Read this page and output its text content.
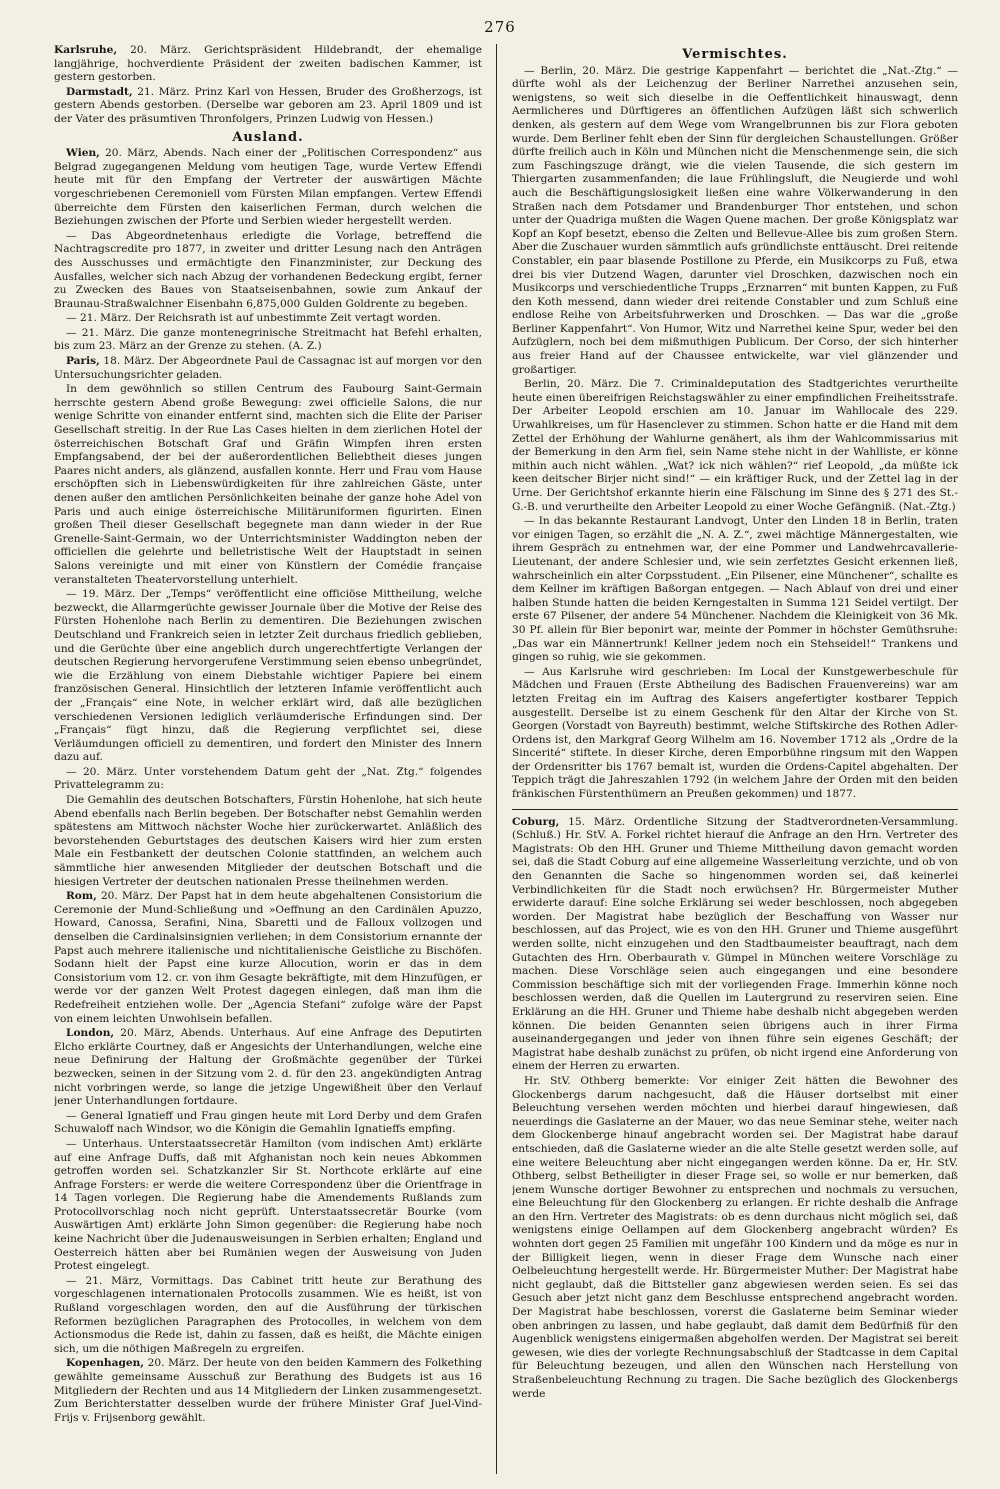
276

Karlsruhe, 20. März. Gerichtspräsident Hildebrandt, der ehemalige langjährige, hochverdiente Präsident der zweiten badischen Kammer, ist gestern gestorben.

Darmstadt, 21. März. Prinz Karl von Hessen, Bruder des Großherzogs, ist gestern Abends gestorben. (Derselbe war geboren am 23. April 1809 und ist der Vater des präsumtiven Thronfolgers, Prinzen Ludwig von Hessen.)

Ausland.

Wien, 20. März, Abends. Nach einer der „Politischen Correspondenz“ aus Belgrad zugegangenen Meldung vom heutigen Tage, wurde Vertew Effendi heute mit für den Empfang der Vertreter der auswärtigen Mächte vorgeschriebenen Ceremoniell vom Fürsten Milan empfangen. Vertew Effendi überreichte dem Fürsten den kaiserlichen Ferman, durch welchen die Beziehungen zwischen der Pforte und Serbien wieder hergestellt werden.

— Das Abgeordnetenhaus erledigte die Vorlage, betreffend die Nachtragscredite pro 1877, in zweiter und dritter Lesung nach den Anträgen des Ausschusses und ermächtigte den Finanzminister, zur Deckung des Ausfalles, welcher sich nach Abzug der vorhandenen Bedeckung ergibt, ferner zu Zwecken des Baues von Staatseisenbahnen, sowie zum Ankauf der Braunau-Straßwalchner Eisenbahn 6,875,000 Gulden Goldrente zu begeben.

— 21. März. Der Reichsrath ist auf unbestimmte Zeit vertagt worden.

— 21. März. Die ganze montenegrinische Streitmacht hat Befehl erhalten, bis zum 23. März an der Grenze zu stehen. (A. Z.)

Paris, 18. März. Der Abgeordnete Paul de Cassagnac ist auf morgen vor den Untersuchungsrichter geladen.

In dem gewöhnlich so stillen Centrum des Faubourg Saint-Germain herrschte gestern Abend große Bewegung: zwei officielle Salons, die nur wenige Schritte von einander entfernt sind, machten sich die Elite der Pariser Gesellschaft streitig. In der Rue Las Cases hielten in dem zierlichen Hotel der österreichischen Botschaft Graf und Gräfin Wimpfen ihren ersten Empfangsabend, der bei der außerordentlichen Beliebtheit dieses jungen Paares nicht anders, als glänzend, ausfallen konnte. Herr und Frau vom Hause erschöpften sich in Liebenswürdigkeiten für ihre zahlreichen Gäste, unter denen außer den amtlichen Persönlichkeiten beinahe der ganze hohe Adel von Paris und auch einige österreichische Militäruniformen figurirten. Einen großen Theil dieser Gesellschaft begegnete man dann wieder in der Rue Grenelle-Saint-Germain, wo der Unterrichtsminister Waddington neben der officiellen die gelehrte und belletristische Welt der Hauptstadt in seinen Salons vereinigte und mit einer von Künstlern der Comédie française veranstalteten Theatervorstellung unterhielt.

— 19. März. Der „Temps“ veröffentlicht eine officiöse Mittheilung, welche bezweckt, die Allarmgerüchte gewisser Journale über die Motive der Reise des Fürsten Hohenlohe nach Berlin zu dementiren. Die Beziehungen zwischen Deutschland und Frankreich seien in letzter Zeit durchaus friedlich geblieben, und die Gerüchte über eine angeblich durch ungerechtfertigte Verlangen der deutschen Regierung hervorgerufene Verstimmung seien ebenso unbegründet, wie die Erzählung von einem Diebstahle wichtiger Papiere bei einem französischen General. Hinsichtlich der letzteren Infamie veröffentlicht auch der „Français“ eine Note, in welcher erklärt wird, daß alle bezüglichen verschiedenen Versionen lediglich verläumderische Erfindungen sind. Der „Français“ fügt hinzu, daß die Regierung verpflichtet sei, diese Verläumdungen officiell zu dementiren, und fordert den Minister des Innern dazu auf.

— 20. März. Unter vorstehendem Datum geht der „Nat. Ztg.“ folgendes Privattelegramm zu:

Die Gemahlin des deutschen Botschafters, Fürstin Hohenlohe, hat sich heute Abend ebenfalls nach Berlin begeben. Der Botschafter nebst Gemahlin werden spätestens am Mittwoch nächster Woche hier zurückerwartet. Anläßlich des bevorstehenden Geburtstages des deutschen Kaisers wird hier zum ersten Male ein Festbankett der deutschen Colonie stattfinden, an welchem auch sämmtliche hier anwesenden Mitglieder der deutschen Botschaft und die hiesigen Vertreter der deutschen nationalen Presse theilnehmen werden.

Rom, 20. März. Der Papst hat in dem heute abgehaltenen Consistorium die Ceremonie der Mund-Schließung und »Oeffnung an den Cardinälen Apuzzo, Howard, Canossa, Serafini, Nina, Sbaretti und de Falloux vollzogen und denselben die Cardinalsinsignien verliehen; in dem Consistorium ernannte der Papst auch mehrere italienische und nichtitalienische Geistliche zu Bischöfen. Sodann hielt der Papst eine kurze Allocution, worin er das in dem Consistorium vom 12. cr. von ihm Gesagte bekräftigte, mit dem Hinzufügen, er werde vor der ganzen Welt Protest dagegen einlegen, daß man ihm die Redefreiheit entziehen wolle. Der „Agencia Stefani“ zufolge wäre der Papst von einem leichten Unwohlsein befallen.

London, 20. März, Abends. Unterhaus. Auf eine Anfrage des Deputirten Elcho erklärte Courtney, daß er Angesichts der Unterhandlungen, welche eine neue Definirung der Haltung der Großmächte gegenüber der Türkei bezwecken, seinen in der Sitzung vom 2. d. für den 23. angekündigten Antrag nicht vorbringen werde, so lange die jetzige Ungewißheit über den Verlauf jener Unterhandlungen fortdaure.

— General Ignatieff und Frau gingen heute mit Lord Derby und dem Grafen Schuwaloff nach Windsor, wo die Königin die Gemahlin Ignatieffs empfing.

— Unterhaus. Unterstaatssecretär Hamilton (vom indischen Amt) erklärte auf eine Anfrage Duffs, daß mit Afghanistan noch kein neues Abkommen getroffen worden sei. Schatzkanzler Sir St. Northcote erklärte auf eine Anfrage Forsters: er werde die weitere Correspondenz über die Orientfrage in 14 Tagen vorlegen. Die Regierung habe die Amendements Rußlands zum Protocollvorschlag noch nicht geprüft. Unterstaatssecretär Bourke (vom Auswärtigen Amt) erklärte John Simon gegenüber: die Regierung habe noch keine Nachricht über die Judenausweisungen in Serbien erhalten; England und Oesterreich hätten aber bei Rumänien wegen der Ausweisung von Juden Protest eingelegt.

— 21. März, Vormittags. Das Cabinet tritt heute zur Berathung des vorgeschlagenen internationalen Protocolls zusammen. Wie es heißt, ist von Rußland vorgeschlagen worden, den auf die Ausführung der türkischen Reformen bezüglichen Paragraphen des Protocolles, in welchem von dem Actionsmodus die Rede ist, dahin zu fassen, daß es heißt, die Mächte einigen sich, um die nöthigen Maßregeln zu ergreifen.

Kopenhagen, 20. März. Der heute von den beiden Kammern des Folkething gewählte gemeinsame Ausschuß zur Berathung des Budgets ist aus 16 Mitgliedern der Rechten und aus 14 Mitgliedern der Linken zusammengesetzt. Zum Berichterstatter desselben wurde der frühere Minister Graf Juel-Vind-Frijs v. Frijsenborg gewählt.

Vermischtes.

— Berlin, 20. März. Die gestrige Kappenfahrt — berichtet die „Nat.-Ztg.“ — dürfte wohl als der Leichenzug der Berliner Narrethei anzusehen sein, wenigstens, so weit sich dieselbe in die Oeffentlichkeit hinauswagt, denn Aermlicheres und Dürftigeres an öffentlichen Aufzügen läßt sich schwerlich denken, als gestern auf dem Wege vom Wrangelbrunnen bis zur Flora geboten wurde. Dem Berliner fehlt eben der Sinn für dergleichen Schaustellungen. Größer dürfte freilich auch in Köln und München nicht die Menschenmenge sein, die sich zum Faschingszuge drängt, wie die vielen Tausende, die sich gestern im Thiergarten zusammenfanden; die laue Frühlingsluft, die Neugierde und wohl auch die Beschäftigungslosigkeit ließen eine wahre Völkerwanderung in den Straßen nach dem Potsdamer und Brandenburger Thor entstehen, und schon unter der Quadriga mußten die Wagen Quene machen. Der große Königsplatz war Kopf an Kopf besetzt, ebenso die Zelten und Bellevue-Allee bis zum großen Stern. Aber die Zuschauer wurden sämmtlich aufs gründlichste enttäuscht. Drei reitende Constabler, ein paar blasende Postillone zu Pferde, ein Musikcorps zu Fuß, etwa drei bis vier Dutzend Wagen, darunter viel Droschken, dazwischen noch ein Musikcorps und verschiedentliche Trupps „Erznarren“ mit bunten Kappen, zu Fuß den Koth messend, dann wieder drei reitende Constabler und zum Schluß eine endlose Reihe von Arbeitsfuhrwerken und Droschken. — Das war die „große Berliner Kappenfahrt“. Von Humor, Witz und Narrethei keine Spur, weder bei den Aufzüglern, noch bei dem mißmuthigen Publicum. Der Corso, der sich hinterher aus freier Hand auf der Chaussee entwickelte, war viel glänzender und großartiger.

Berlin, 20. März. Die 7. Criminaldeputation des Stadtgerichtes verurtheilte heute einen übereifrigen Reichstagswähler zu einer empfindlichen Freiheitsstrafe. Der Arbeiter Leopold erschien am 10. Januar im Wahllocale des 229. Urwahlkreises, um für Hasenclever zu stimmen. Schon hatte er die Hand mit dem Zettel der Erhöhung der Wahlurne genähert, als ihm der Wahlcommissarius mit der Bemerkung in den Arm fiel, sein Name stehe nicht in der Wahlliste, er könne mithin auch nicht wählen. „Wat? ick nich wählen?“ rief Leopold, „da müßte ick keen deitscher Birjer nicht sind!“ — ein kräftiger Ruck, und der Zettel lag in der Urne. Der Gerichtshof erkannte hierin eine Fälschung im Sinne des § 271 des St.-G.-B. und verurtheilte den Arbeiter Leopold zu einer Woche Gefängniß. (Nat.-Ztg.)

— In das bekannte Restaurant Landvogt, Unter den Linden 18 in Berlin, traten vor einigen Tagen, so erzählt die „N. A. Z.“, zwei mächtige Männergestalten, wie ihrem Gespräch zu entnehmen war, der eine Pommer und Landwehrcavallerie-Lieutenant, der andere Schlesier und, wie sein zerfetztes Gesicht erkennen ließ, wahrscheinlich ein alter Corpsstudent. „Ein Pilsener, eine Münchener“, schallte es dem Kellner im kräftigen Baßorgan entgegen. — Nach Ablauf von drei und einer halben Stunde hatten die beiden Kerngestalten in Summa 121 Seidel vertilgt. Der erste 67 Pilsener, der andere 54 Münchener. Nachdem die Kleinigkeit von 36 Mk. 30 Pf. allein für Bier beponirt war, meinte der Pommer in höchster Gemüthsruhe: „Das war ein Männertrunk! Kellner jedem noch ein Stehseidel!“ Trankens und gingen so ruhig, wie sie gekommen.

— Aus Karlsruhe wird geschrieben: Im Local der Kunstgewerbeschule für Mädchen und Frauen (Erste Abtheilung des Badischen Frauenvereins) war am letzten Freitag ein im Auftrag des Kaisers angefertigter kostbarer Teppich ausgestellt. Derselbe ist zu einem Geschenk für den Altar der Kirche von St. Georgen (Vorstadt von Bayreuth) bestimmt, welche Stiftskirche des Rothen Adler-Ordens ist, den Markgraf Georg Wilhelm am 16. November 1712 als „Ordre de la Sincerité“ stiftete. In dieser Kirche, deren Emporbühne ringsum mit den Wappen der Ordensritter bis 1767 bemalt ist, wurden die Ordens-Capitel abgehalten. Der Teppich trägt die Jahreszahlen 1792 (in welchem Jahre der Orden mit den beiden fränkischen Fürstenthümern an Preußen gekommen) und 1877.

Coburg, 15. März. Ordentliche Sitzung der Stadtverordneten-Versammlung. (Schluß.) Hr. StV. A. Forkel richtet hierauf die Anfrage an den Hrn. Vertreter des Magistrats: Ob den HH. Gruner und Thieme Mittheilung davon gemacht worden sei, daß die Stadt Coburg auf eine allgemeine Wasserleitung verzichte, und ob von den Genannten die Sache so hingenommen worden sei, daß keinerlei Verbindlichkeiten für die Stadt noch erwüchsen? Hr. Bürgermeister Muther erwiderte darauf: Eine solche Erklärung sei weder beschlossen, noch abgegeben worden. Der Magistrat habe bezüglich der Beschaffung von Wasser nur beschlossen, auf das Project, wie es von den HH. Gruner und Thieme ausgeführt werden sollte, nicht einzugehen und den Stadtbaumeister beauftragt, nach dem Gutachten des Hrn. Oberbaurath v. Gümpel in München weitere Vorschläge zu machen. Diese Vorschläge seien auch eingegangen und eine besondere Commission beschäftige sich mit der vorliegenden Frage. Immerhin könne noch beschlossen werden, daß die Quellen im Lautergrund zu reserviren seien. Eine Erklärung an die HH. Gruner und Thieme habe deshalb nicht abgegeben werden können. Die beiden Genannten seien übrigens auch in ihrer Firma auseinandergegangen und jeder von ihnen führe sein eigenes Geschäft; der Magistrat habe deshalb zunächst zu prüfen, ob nicht irgend eine Anforderung von einem der Herren zu erwarten.

Hr. StV. Othberg bemerkte: Vor einiger Zeit hätten die Bewohner des Glockenbergs darum nachgesucht, daß die Häuser dortselbst mit einer Beleuchtung versehen werden möchten und hierbei darauf hingewiesen, daß neuerdings die Gaslaterne an der Mauer, wo das neue Seminar stehe, weiter nach dem Glockenberge hinauf angebracht worden sei. Der Magistrat habe darauf entschieden, daß die Gaslaterne wieder an die alte Stelle gesetzt werden solle, auf eine weitere Beleuchtung aber nicht eingegangen werden könne. Da er, Hr. StV. Othberg, selbst Betheiligter in dieser Frage sei, so wolle er nur bemerken, daß jenem Wunsche dortiger Bewohner zu entsprechen und nochmals zu versuchen, eine Beleuchtung für den Glockenberg zu erlangen. Er richte deshalb die Anfrage an den Hrn. Vertreter des Magistrats: ob es denn durchaus nicht möglich sei, daß wenigstens einige Oellampen auf dem Glockenberg angebracht würden? Es wohnten dort gegen 25 Familien mit ungefähr 100 Kindern und da möge es nur in der Billigkeit liegen, wenn in dieser Frage dem Wunsche nach einer Oelbeleuchtung hergestellt werde. Hr. Bürgermeister Muther: Der Magistrat habe nicht geglaubt, daß die Bittsteller ganz abgewiesen werden seien. Es sei das Gesuch aber jetzt nicht ganz dem Beschlusse entsprechend angebracht worden. Der Magistrat habe beschlossen, vorerst die Gaslaterne beim Seminar wieder oben anbringen zu lassen, und habe geglaubt, daß damit dem Bedürfniß für den Augenblick wenigstens einigermaßen abgeholfen werden. Der Magistrat sei bereit gewesen, wie dies der vorlegte Rechnungsabschluß der Stadtcasse in dem Capital für Beleuchtung bezeugen, und allen den Wünschen nach Herstellung von Straßenbeleuchtung Rechnung zu tragen. Die Sache bezüglich des Glockenbergs werde
